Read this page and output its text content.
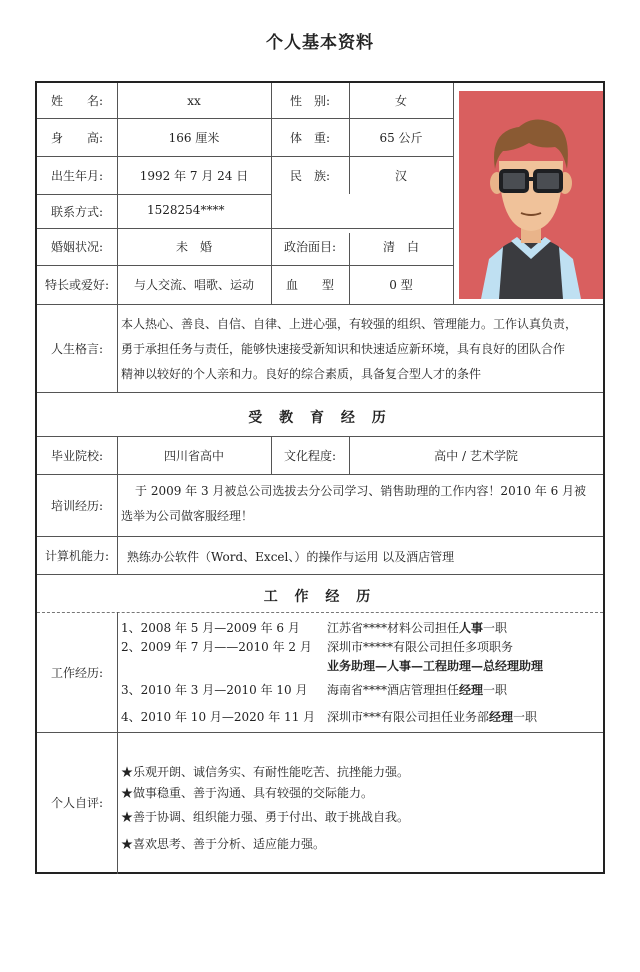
个人基本资料
姓　　名:	xx	性　别:	女
身　　高:	166 厘米	体　重:	65 公斤
出生年月:	1992 年 7 月 24 日	民　族:	汉
联系方式:	1528254****
婚姻状况:	未　婚	政治面目:	清　白
特长或爱好:	与人交流、唱歌、运动	血　　型	0 型
人生格言:
本人热心、善良、自信、自律、上进心强，有较强的组织、管理能力。工作认真负责，
勇于承担任务与责任，能够快速接受新知识和快速适应新环境，具有良好的团队合作
精神以较好的个人亲和力。良好的综合素质，具备复合型人才的条件
受 教 育 经 历
毕业院校:	四川省高中	文化程度:	高中 / 艺术学院
培训经历:
于 2009 年 3 月被总公司选拔去分公司学习、销售助理的工作内容！2010 年 6 月被
选举为公司做客服经理！
计算机能力:	熟练办公软件（Word、Excel、）的操作与运用 以及酒店管理
工 作 经 历
工作经历:
1、2008 年 5 月—2009 年 6 月 江苏省****材料公司担任人事一职
2、2009 年 7 月——2010 年 2 月 深圳市*****有限公司担任多项职务
业务助理—人事—工程助理—总经理助理
3、2010 年 3 月—2010 年 10 月 海南省****酒店管理担任经理一职
4、2010 年 10 月—2020 年 11 月 深圳市***有限公司担任业务部经理一职
个人自评:
★乐观开朗、诚信务实、有耐性能吃苦、抗挫能力强。
★做事稳重、善于沟通、具有较强的交际能力。
★善于协调、组织能力强、勇于付出、敢于挑战自我。
★喜欢思考、善于分析、适应能力强。
